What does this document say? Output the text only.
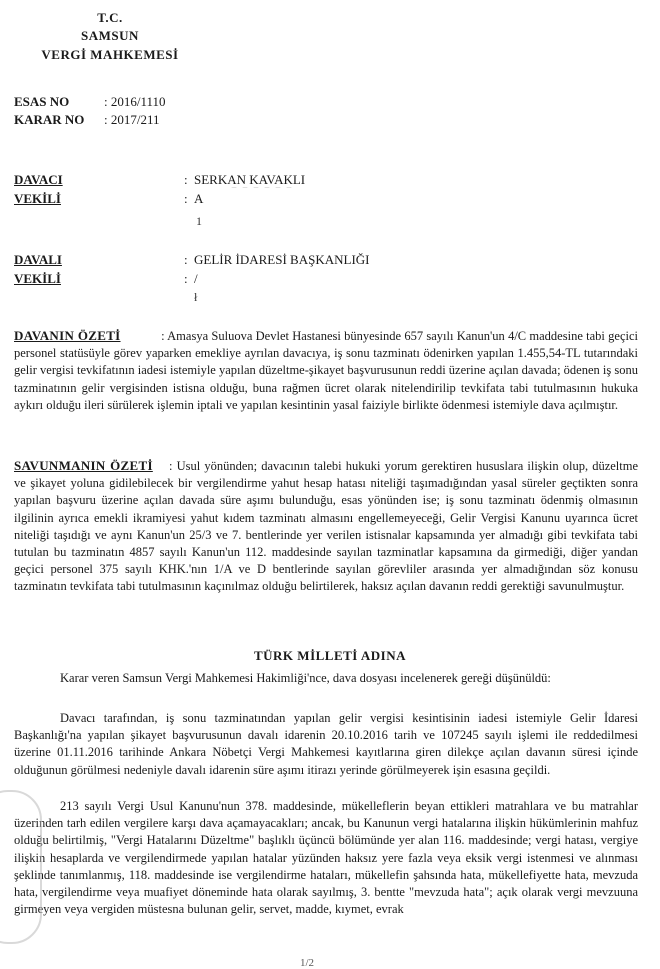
T.C.
SAMSUN
VERGİ MAHKEMESİ
ESAS NO	: 2016/1110
KARAR NO : 2017/211
DAVACI	: SERKAN KAVAKLI
VEKİLİ	: A ‾ ‾ ‾ ‾ ‾ ‾
1
DAVALI	: GELİR İDARESİ BAŞKANLIĞI
VEKİLİ	: /
ł
DAVANIN ÖZETİ	: Amasya Suluova Devlet Hastanesi bünyesinde 657 sayılı Kanun'un 4/C maddesine tabi geçici personel statüsüyle görev yaparken emekliye ayrılan davacıya, iş sonu tazminatı ödenirken yapılan 1.455,54-TL tutarındaki gelir vergisi tevkifatının iadesi istemiyle yapılan düzeltme-şikayet başvurusunun reddi üzerine açılan davada; ödenen iş sonu tazminatının gelir vergisinden istisna olduğu, buna rağmen ücret olarak nitelendirilip tevkifata tabi tutulmasının hukuka aykırı olduğu ileri sürülerek işlemin iptali ve yapılan kesintinin yasal faiziyle birlikte ödenmesi istemiyle dava açılmıştır.
SAVUNMANIN ÖZETİ : Usul yönünden; davacının talebi hukuki yorum gerektiren hususlara ilişkin olup, düzeltme ve şikayet yoluna gidilebilecek bir vergilendirme yahut hesap hatası niteliği taşımadığından yasal süreler geçtikten sonra yapılan başvuru üzerine açılan davada süre aşımı bulunduğu, esas yönünden ise; iş sonu tazminatı ödenmiş olmasının ilgilinin ayrıca emekli ikramiyesi yahut kıdem tazminatı almasını engellemeyeceği, Gelir Vergisi Kanunu uyarınca ücret niteliği taşıdığı ve aynı Kanun'un 25/3 ve 7. bentlerinde yer verilen istisnalar kapsamında yer almadığı gibi tevkifata tabi tutulan bu tazminatın 4857 sayılı Kanun'un 112. maddesinde sayılan tazminatlar kapsamına da girmediği, diğer yandan geçici personel 375 sayılı KHK.'nın 1/A ve D bentlerinde sayılan görevliler arasında yer almadığından söz konusu tazminatın tevkifata tabi tutulmasının kaçınılmaz olduğu belirtilerek, haksız açılan davanın reddi gerektiği savunulmuştur.
TÜRK MİLLETİ ADINA
Karar veren Samsun Vergi Mahkemesi Hakimliği'nce, dava dosyası incelenerek gereği düşünüldü:
Davacı tarafından, iş sonu tazminatından yapılan gelir vergisi kesintisinin iadesi istemiyle Gelir İdaresi Başkanlığı'na yapılan şikayet başvurusunun davalı idarenin 20.10.2016 tarih ve 107245 sayılı işlemi ile reddedilmesi üzerine 01.11.2016 tarihinde Ankara Nöbetçi Vergi Mahkemesi kayıtlarına giren dilekçe açılan davanın süresi içinde olduğunun görülmesi nedeniyle davalı idarenin süre aşımı itirazı yerinde görülmeyerek işin esasına geçildi.
213 sayılı Vergi Usul Kanunu'nun 378. maddesinde, mükelleflerin beyan ettikleri matrahlara ve bu matrahlar üzerinden tarh edilen vergilere karşı dava açamayacakları; ancak, bu Kanunun vergi hatalarına ilişkin hükümlerinin mahfuz olduğu belirtilmiş, "Vergi Hatalarını Düzeltme" başlıklı üçüncü bölümünde yer alan 116. maddesinde; vergi hatası, vergiye ilişkin hesaplarda ve vergilendirmede yapılan hatalar yüzünden haksız yere fazla veya eksik vergi istenmesi ve alınması şeklinde tanımlanmış, 118. maddesinde ise vergilendirme hataları, mükellefin şahsında hata, mükellefiyette hata, mevzuda hata, vergilendirme veya muafiyet döneminde hata olarak sayılmış, 3. bentte "mevzuda hata"; açık olarak vergi mevzuuna girmeyen veya vergiden müstesna bulunan gelir, servet, madde, kıymet, evrak
1/2
